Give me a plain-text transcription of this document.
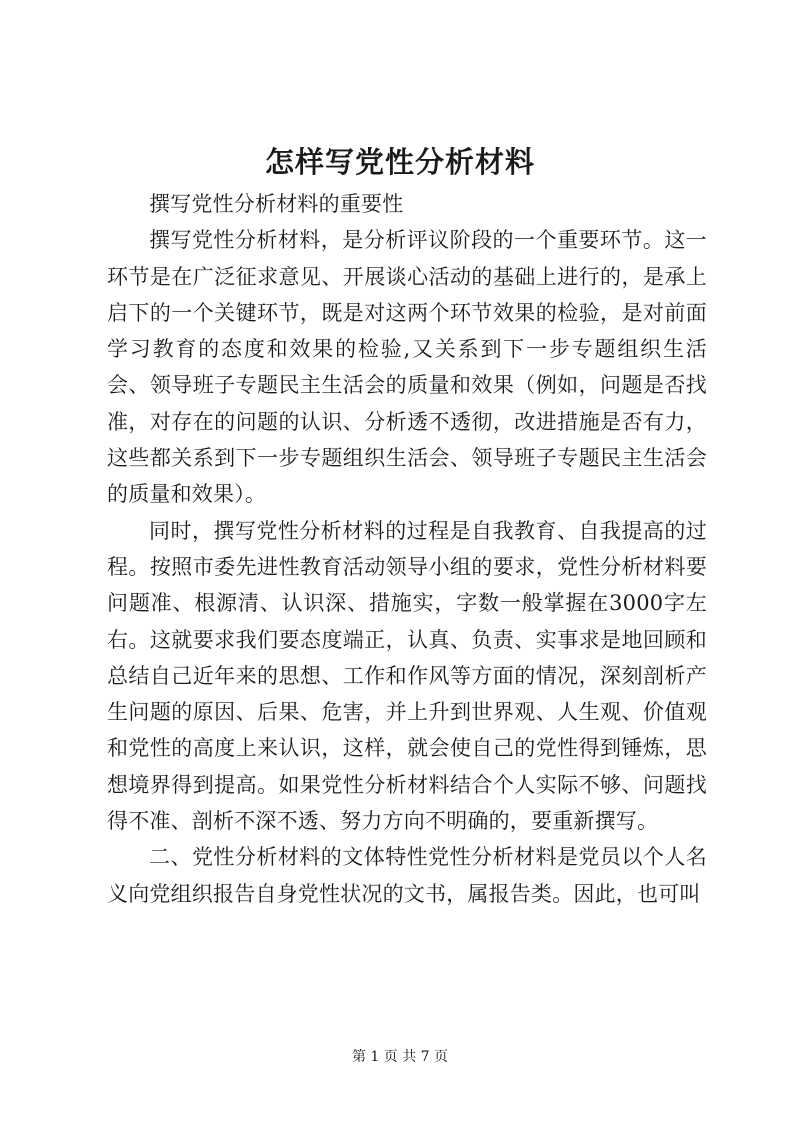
怎样写党性分析材料

撰写党性分析材料的重要性

撰写党性分析材料，是分析评议阶段的一个重要环节。这一环节是在广泛征求意见、开展谈心活动的基础上进行的，是承上启下的一个关键环节，既是对这两个环节效果的检验，是对前面学习教育的态度和效果的检验,又关系到下一步专题组织生活会、领导班子专题民主生活会的质量和效果（例如，问题是否找准，对存在的问题的认识、分析透不透彻，改进措施是否有力，这些都关系到下一步专题组织生活会、领导班子专题民主生活会的质量和效果）。

同时，撰写党性分析材料的过程是自我教育、自我提高的过程。按照市委先进性教育活动领导小组的要求，党性分析材料要问题准、根源清、认识深、措施实，字数一般掌握在3000字左右。这就要求我们要态度端正，认真、负责、实事求是地回顾和总结自己近年来的思想、工作和作风等方面的情况，深刻剖析产生问题的原因、后果、危害，并上升到世界观、人生观、价值观和党性的高度上来认识，这样，就会使自己的党性得到锤炼，思想境界得到提高。如果党性分析材料结合个人实际不够、问题找得不准、剖析不深不透、努力方向不明确的，要重新撰写。

二、党性分析材料的文体特性党性分析材料是党员以个人名义向党组织报告自身党性状况的文书，属报告类。因此，也可叫

第 1 页 共 7 页
